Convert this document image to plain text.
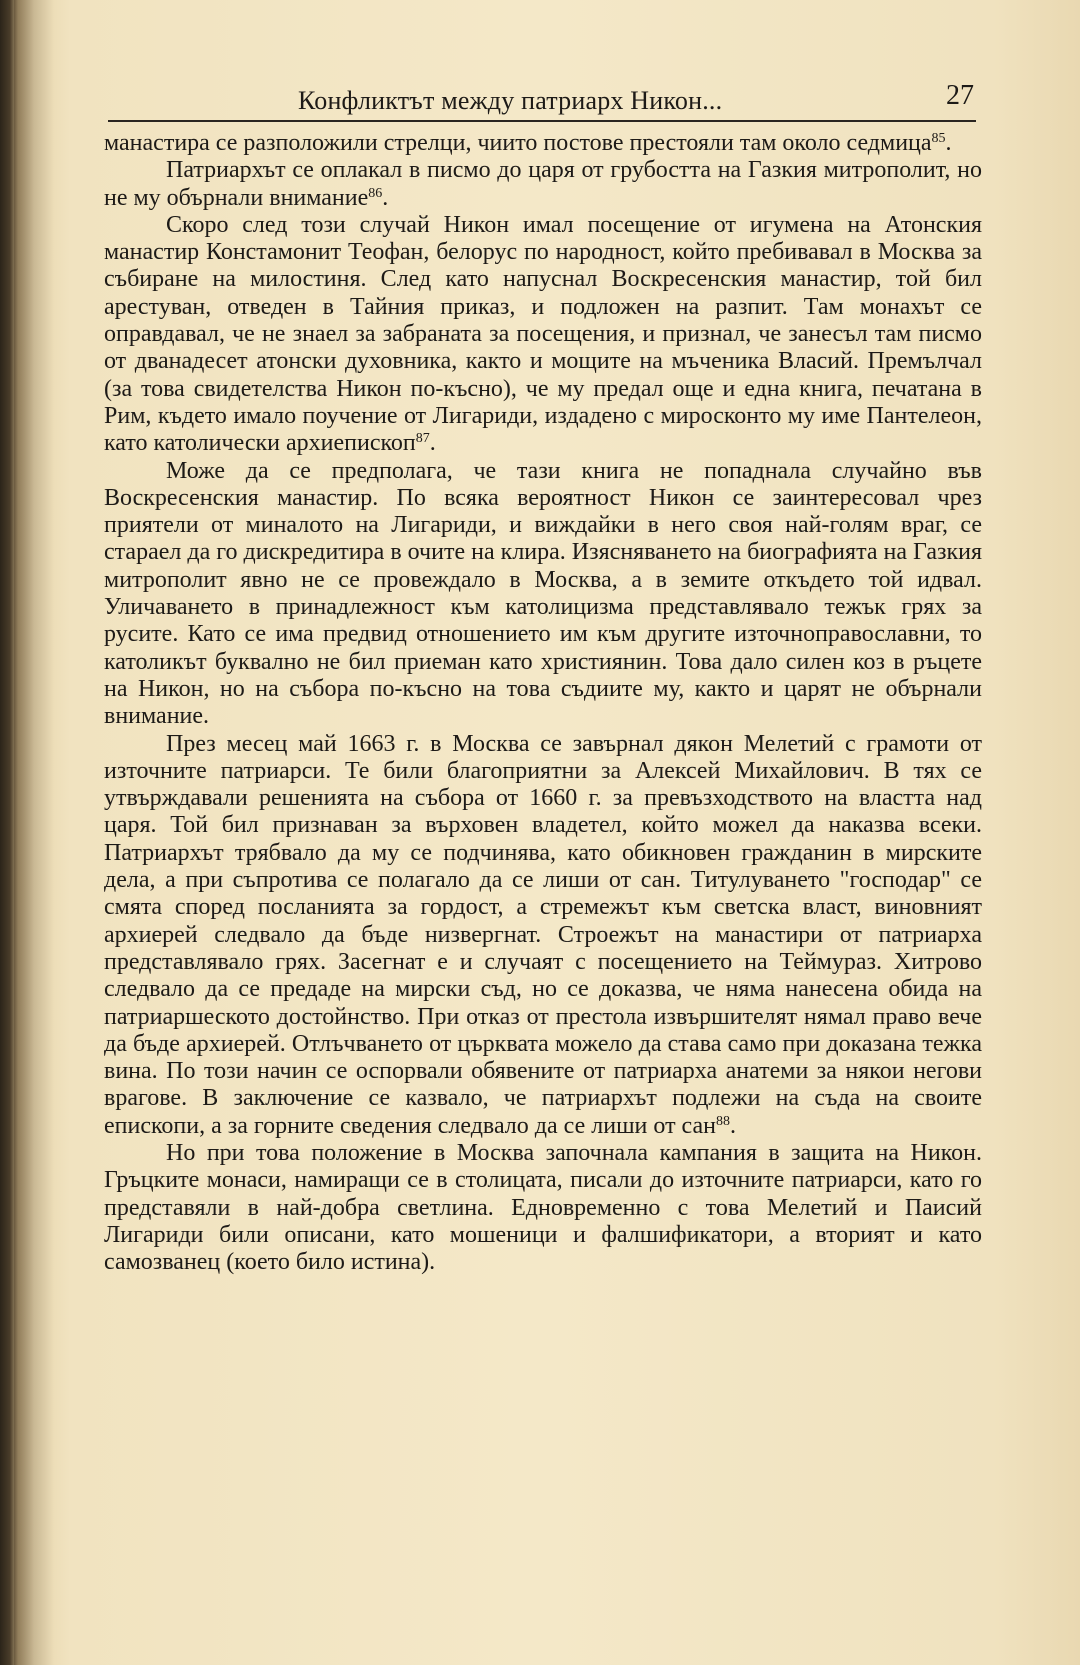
Конфликтът между патриарх Никон...	27

манастира се разположили стрелци, чиито постове престояли там около седмица$^{85}$.

Патриархът се оплакал в писмо до царя от грубостта на Газкия митрополит, но не му обърнали внимание$^{86}$.

Скоро след този случай Никон имал посещение от игумена на Атонския манастир Констамонит Теофан, белорус по народност, който пребивавал в Москва за събиране на милостиня. След като напуснал Воскресенския манастир, той бил арестуван, отведен в Тайния приказ, и подложен на разпит. Там монахът се оправдавал, че не знаел за забраната за посещения, и признал, че занесъл там писмо от дванадесет атонски духовника, както и мощите на мъченика Власий. Премълчал (за това свидетелства Никон по-късно), че му предал още и една книга, печатана в Рим, където имало поучение от Лигариди, издадено с миросконто му име Пантелеон, като католически архиепископ$^{87}$.

Може да се предполага, че тази книга не попаднала случайно във Воскресенския манастир. По всяка вероятност Никон се заинтересовал чрез приятели от миналото на Лигариди, и виждайки в него своя най-голям враг, се стараел да го дискредитира в очите на клира. Изясняването на биографията на Газкия митрополит явно не се провеждало в Москва, а в земите откъдето той идвал. Уличаването в принадлежност към католицизма представлявало тежък грях за русите. Като се има предвид отношението им към другите източноправославни, то католикът буквално не бил приеман като християнин. Това дало силен коз в ръцете на Никон, но на събора по-късно на това съдиите му, както и царят не обърнали внимание.

През месец май 1663 г. в Москва се завърнал дякон Мелетий с грамоти от източните патриарси. Те били благоприятни за Алексей Михайлович. В тях се утвърждавали решенията на събора от 1660 г. за превъзходството на властта над царя. Той бил признаван за върховен владетел, който можел да наказва всеки. Патриархът трябвало да му се подчинява, като обикновен гражданин в мирските дела, а при съпротива се полагало да се лиши от сан. Титулуването "господар" се смятa според посланията за гордост, а стремежът към светска власт, виновният архиерей следвало да бъде низвергнат. Строежът на манастири от патриарха представлявало грях. Засегнат е и случаят с посещението на Теймураз. Хитрово следвало да се предаде на мирски съд, но се доказва, че няма нанесена обида на патриаршеското достойнство. При отказ от престола извършителят нямал право вече да бъде архиерей. Отлъчването от църквата можело да става само при доказана тежка вина. По този начин се оспорвали обявените от патриарха анатеми за някои негови врагове. В заключение се казвало, че патриархът подлежи на съда на своите епископи, а за горните сведения следвало да се лиши от сан$^{88}$.

Но при това положение в Москва започнала кампания в защита на Никон. Гръцките монаси, намиращи се в столицата, писали до източните патриарси, като го представяли в най-добра светлина. Едновременно с това Мелетий и Паисий Лигариди били описани, като мошеници и фалшификатори, а вторият и като самозванец (което било истина).
